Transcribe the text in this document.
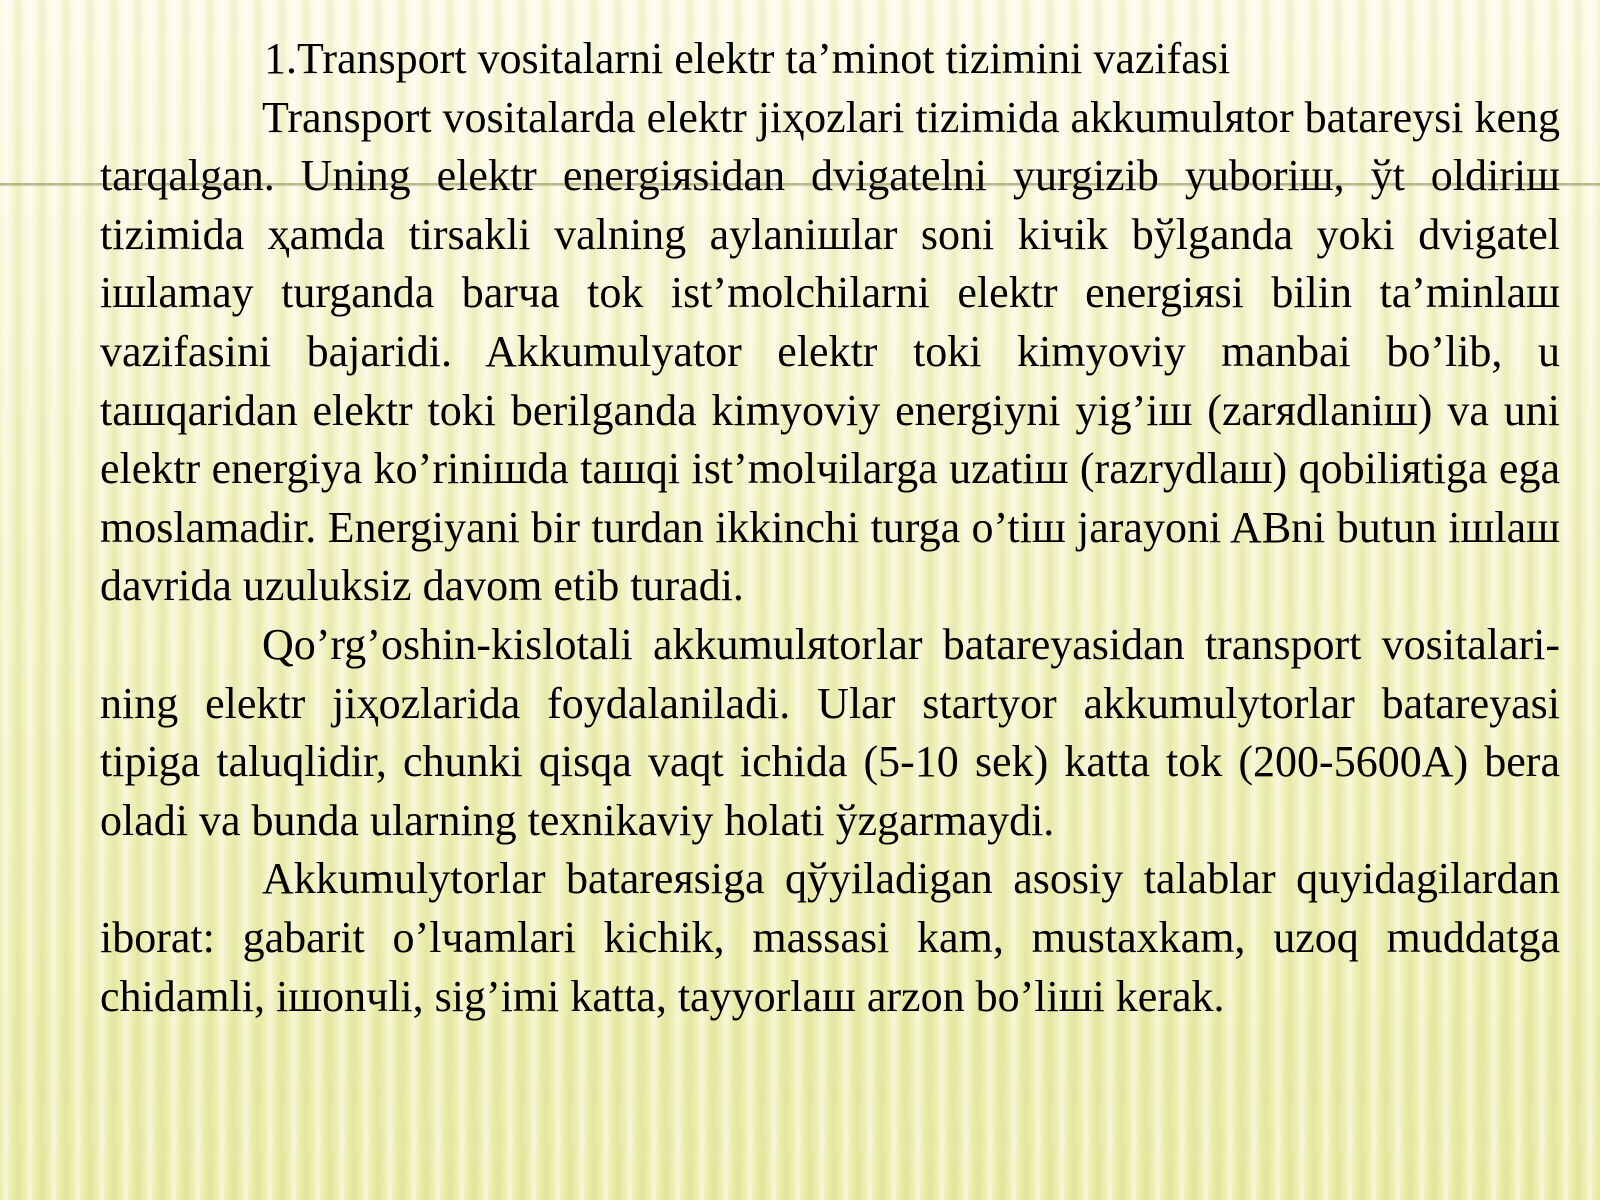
1.Transport vositalarni elektr ta’minot tizimini vazifasi

Transport vositalarda elektr jiҳozlari tizimida akkumulяtor batareysi keng tarqalgan. Uning elektr energiяsidan dvigatelni yurgizib yuboriш, ўt oldiriш tizimida ҳamda tirsakli valning aylaniшlar soni kiчik bўlganda yoki dvigatel iшlamay turganda barчa tok ist’molchilarni elektr energiяsi bilin ta’minlaш vazifasini bajaridi. Akkumulyator elektr toki kimyoviy manbai bo’lib, u taшqaridan elektr toki berilganda kimyoviy energiyni yig’iш (zarяdlaniш) va uni elektr energiya ko’riniшda taшqi ist’molчilarga uzatiш (razrydlaш) qobiliяtiga ega moslamadir. Energiyani bir turdan ikkinchi turga o’tiш jarayoni ABni butun iшlaш davrida uzuluksiz davom etib turadi.

Qo’rg’oshin-kislotali akkumulяtorlar batareyasidan transport vositalari-ning elektr jiҳozlarida foydalaniladi. Ular startyor akkumulytorlar batareyasi tipiga taluqlidir, chunki qisqa vaqt ichida (5-10 sek) katta tok (200-5600A) bera oladi va bunda ularning texnikaviy holati ўzgarmaydi.

Akkumulytorlar batareяsiga qўyiladigan asosiy talablar quyidagilardan iborat: gabarit o’lчamlari kichik, massasi kam, mustaxkam, uzoq muddatga chidamli, iшonчli, sig’imi katta, tayyorlaш arzon bo’liшi kerak.
